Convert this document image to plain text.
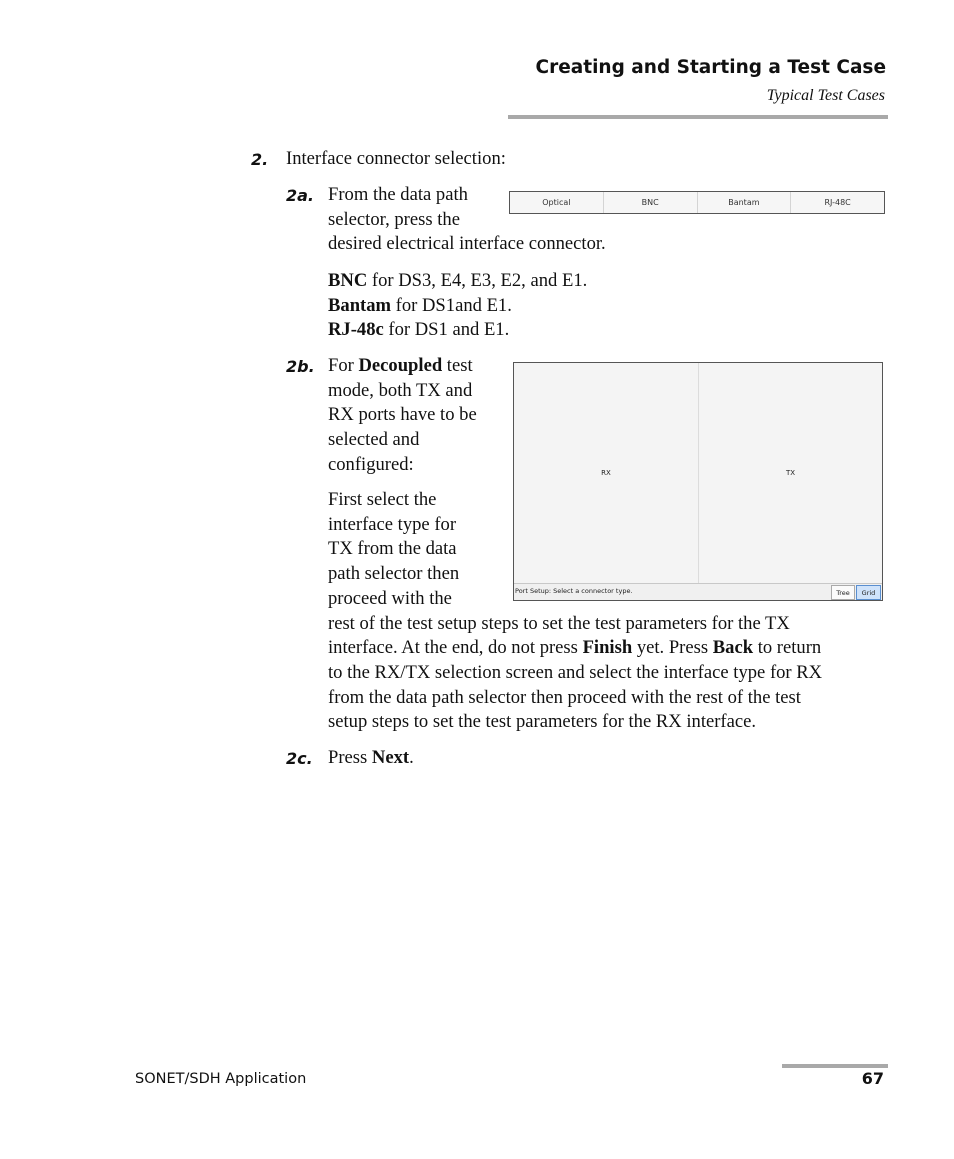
Creating and Starting a Test Case
Typical Test Cases
2. Interface connector selection:
2a. From the data path

selector, press the

desired electrical interface connector.

BNC for DS3, E4, E3, E2, and E1.

Bantam for DS1and E1.

RJ-48c for DS1 and E1.

Optical	BNC	Bantam	RJ-48C
2b. For Decoupled test

mode, both TX and

RX ports have to be

selected and

configured:

First select the

interface type for

TX from the data

path selector then

proceed with the

rest of the test setup steps to set the test parameters for the TX

interface. At the end, do not press Finish yet. Press Back to return

to the RX/TX selection screen and select the interface type for RX

from the data path selector then proceed with the rest of the test

setup steps to set the test parameters for the RX interface.

RX	TX
Port Setup: Select a connector type.	Tree	Grid
2c. Press Next.
SONET/SDH Application	67
